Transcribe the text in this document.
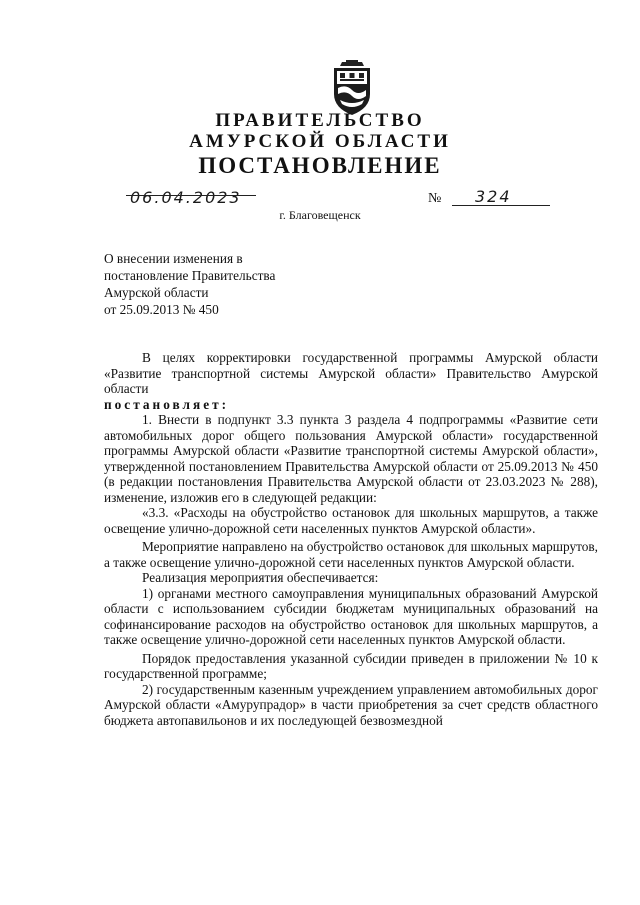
ПРАВИТЕЛЬСТВО
АМУРСКОЙ ОБЛАСТИ
ПОСТАНОВЛЕНИЕ
06.04.2023	№ 324
г. Благовещенск
О внесении изменения в
постановление Правительства
Амурской области
от 25.09.2013 № 450

В целях корректировки государственной программы Амурской области «Развитие транспортной системы Амурской области» Правительство Амурской области

постановляет:

1. Внести в подпункт 3.3 пункта 3 раздела 4 подпрограммы «Развитие сети автомобильных дорог общего пользования Амурской области» государственной программы Амурской области «Развитие транспортной системы Амурской области», утвержденной постановлением Правительства Амурской области от 25.09.2013 № 450 (в редакции постановления Правительства Амурской области от 23.03.2023 № 288), изменение, изложив его в следующей редакции:

«3.3. «Расходы на обустройство остановок для школьных маршрутов, а также освещение улично-дорожной сети населенных пунктов Амурской области».

Мероприятие направлено на обустройство остановок для школьных маршрутов, а также освещение улично-дорожной сети населенных пунктов Амурской области.

Реализация мероприятия обеспечивается:

1) органами местного самоуправления муниципальных образований Амурской области с использованием субсидии бюджетам муниципальных образований на софинансирование расходов на обустройство остановок для школьных маршрутов, а также освещение улично-дорожной сети населенных пунктов Амурской области.

Порядок предоставления указанной субсидии приведен в приложении № 10 к государственной программе;

2) государственным казенным учреждением управлением автомобильных дорог Амурской области «Амурупрадор» в части приобретения за счет средств областного бюджета автопавильонов и их последующей безвозмездной
